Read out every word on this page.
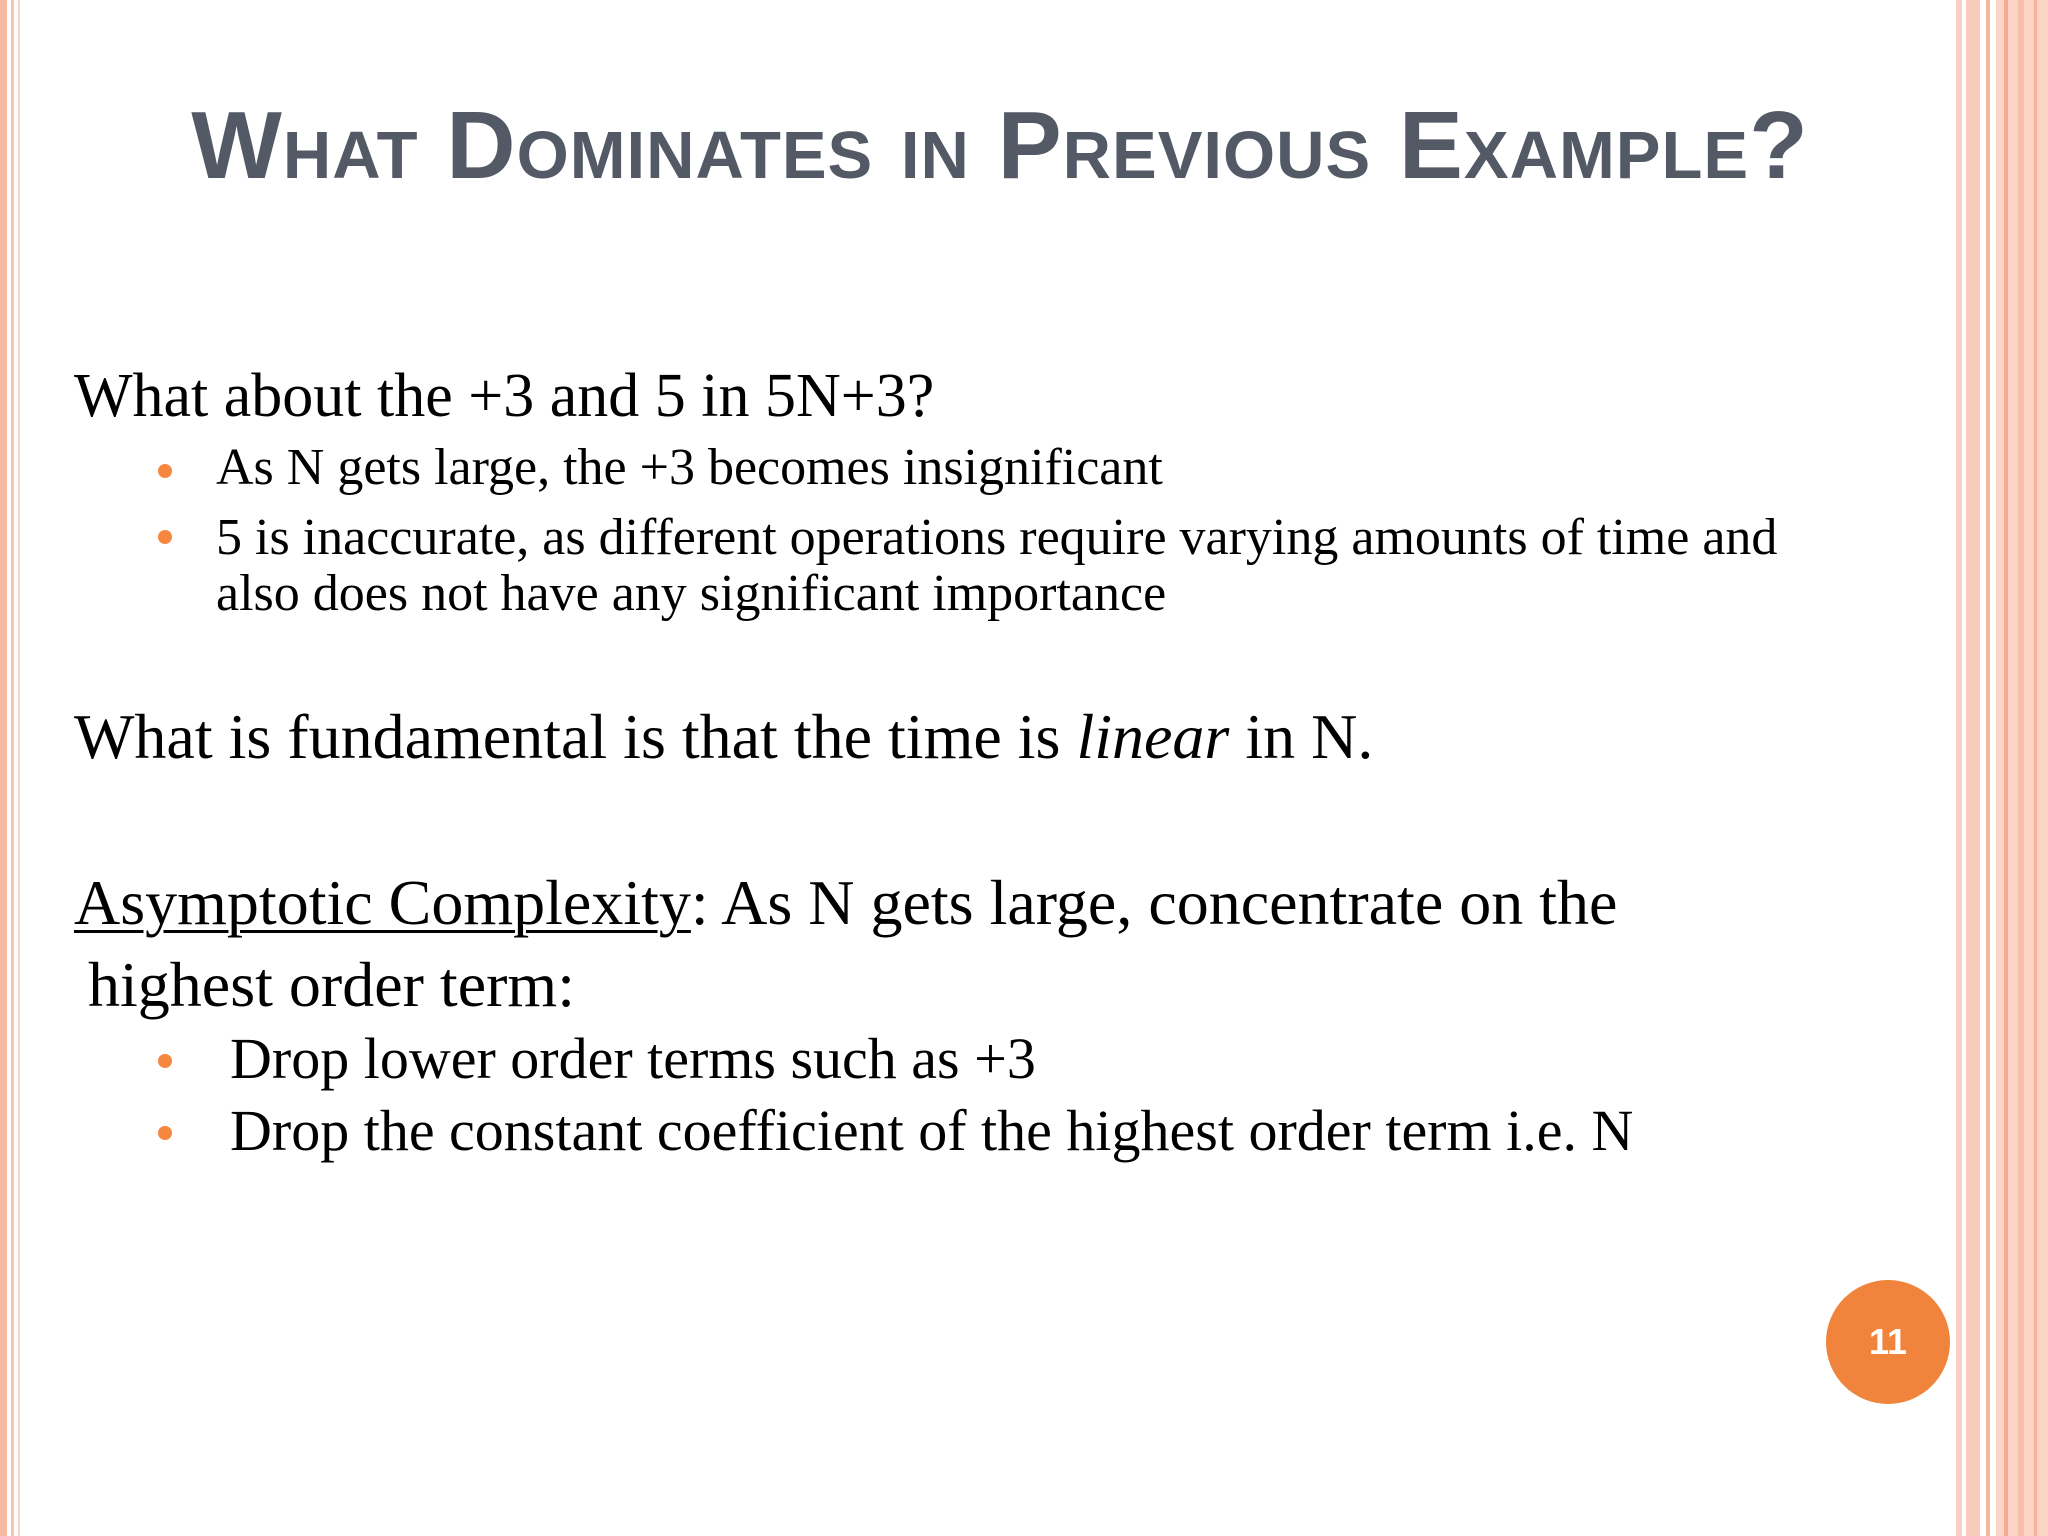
What Dominates in Previous Example?
What about the +3 and 5 in 5N+3?
As N gets large, the +3 becomes insignificant
5 is inaccurate, as different operations require varying amounts of time and
also does not have any significant importance
What is fundamental is that the time is linear in N.
Asymptotic Complexity: As N gets large, concentrate on the
highest order term:
Drop lower order terms such as +3
Drop the constant coefficient of the highest order term i.e. N
11
